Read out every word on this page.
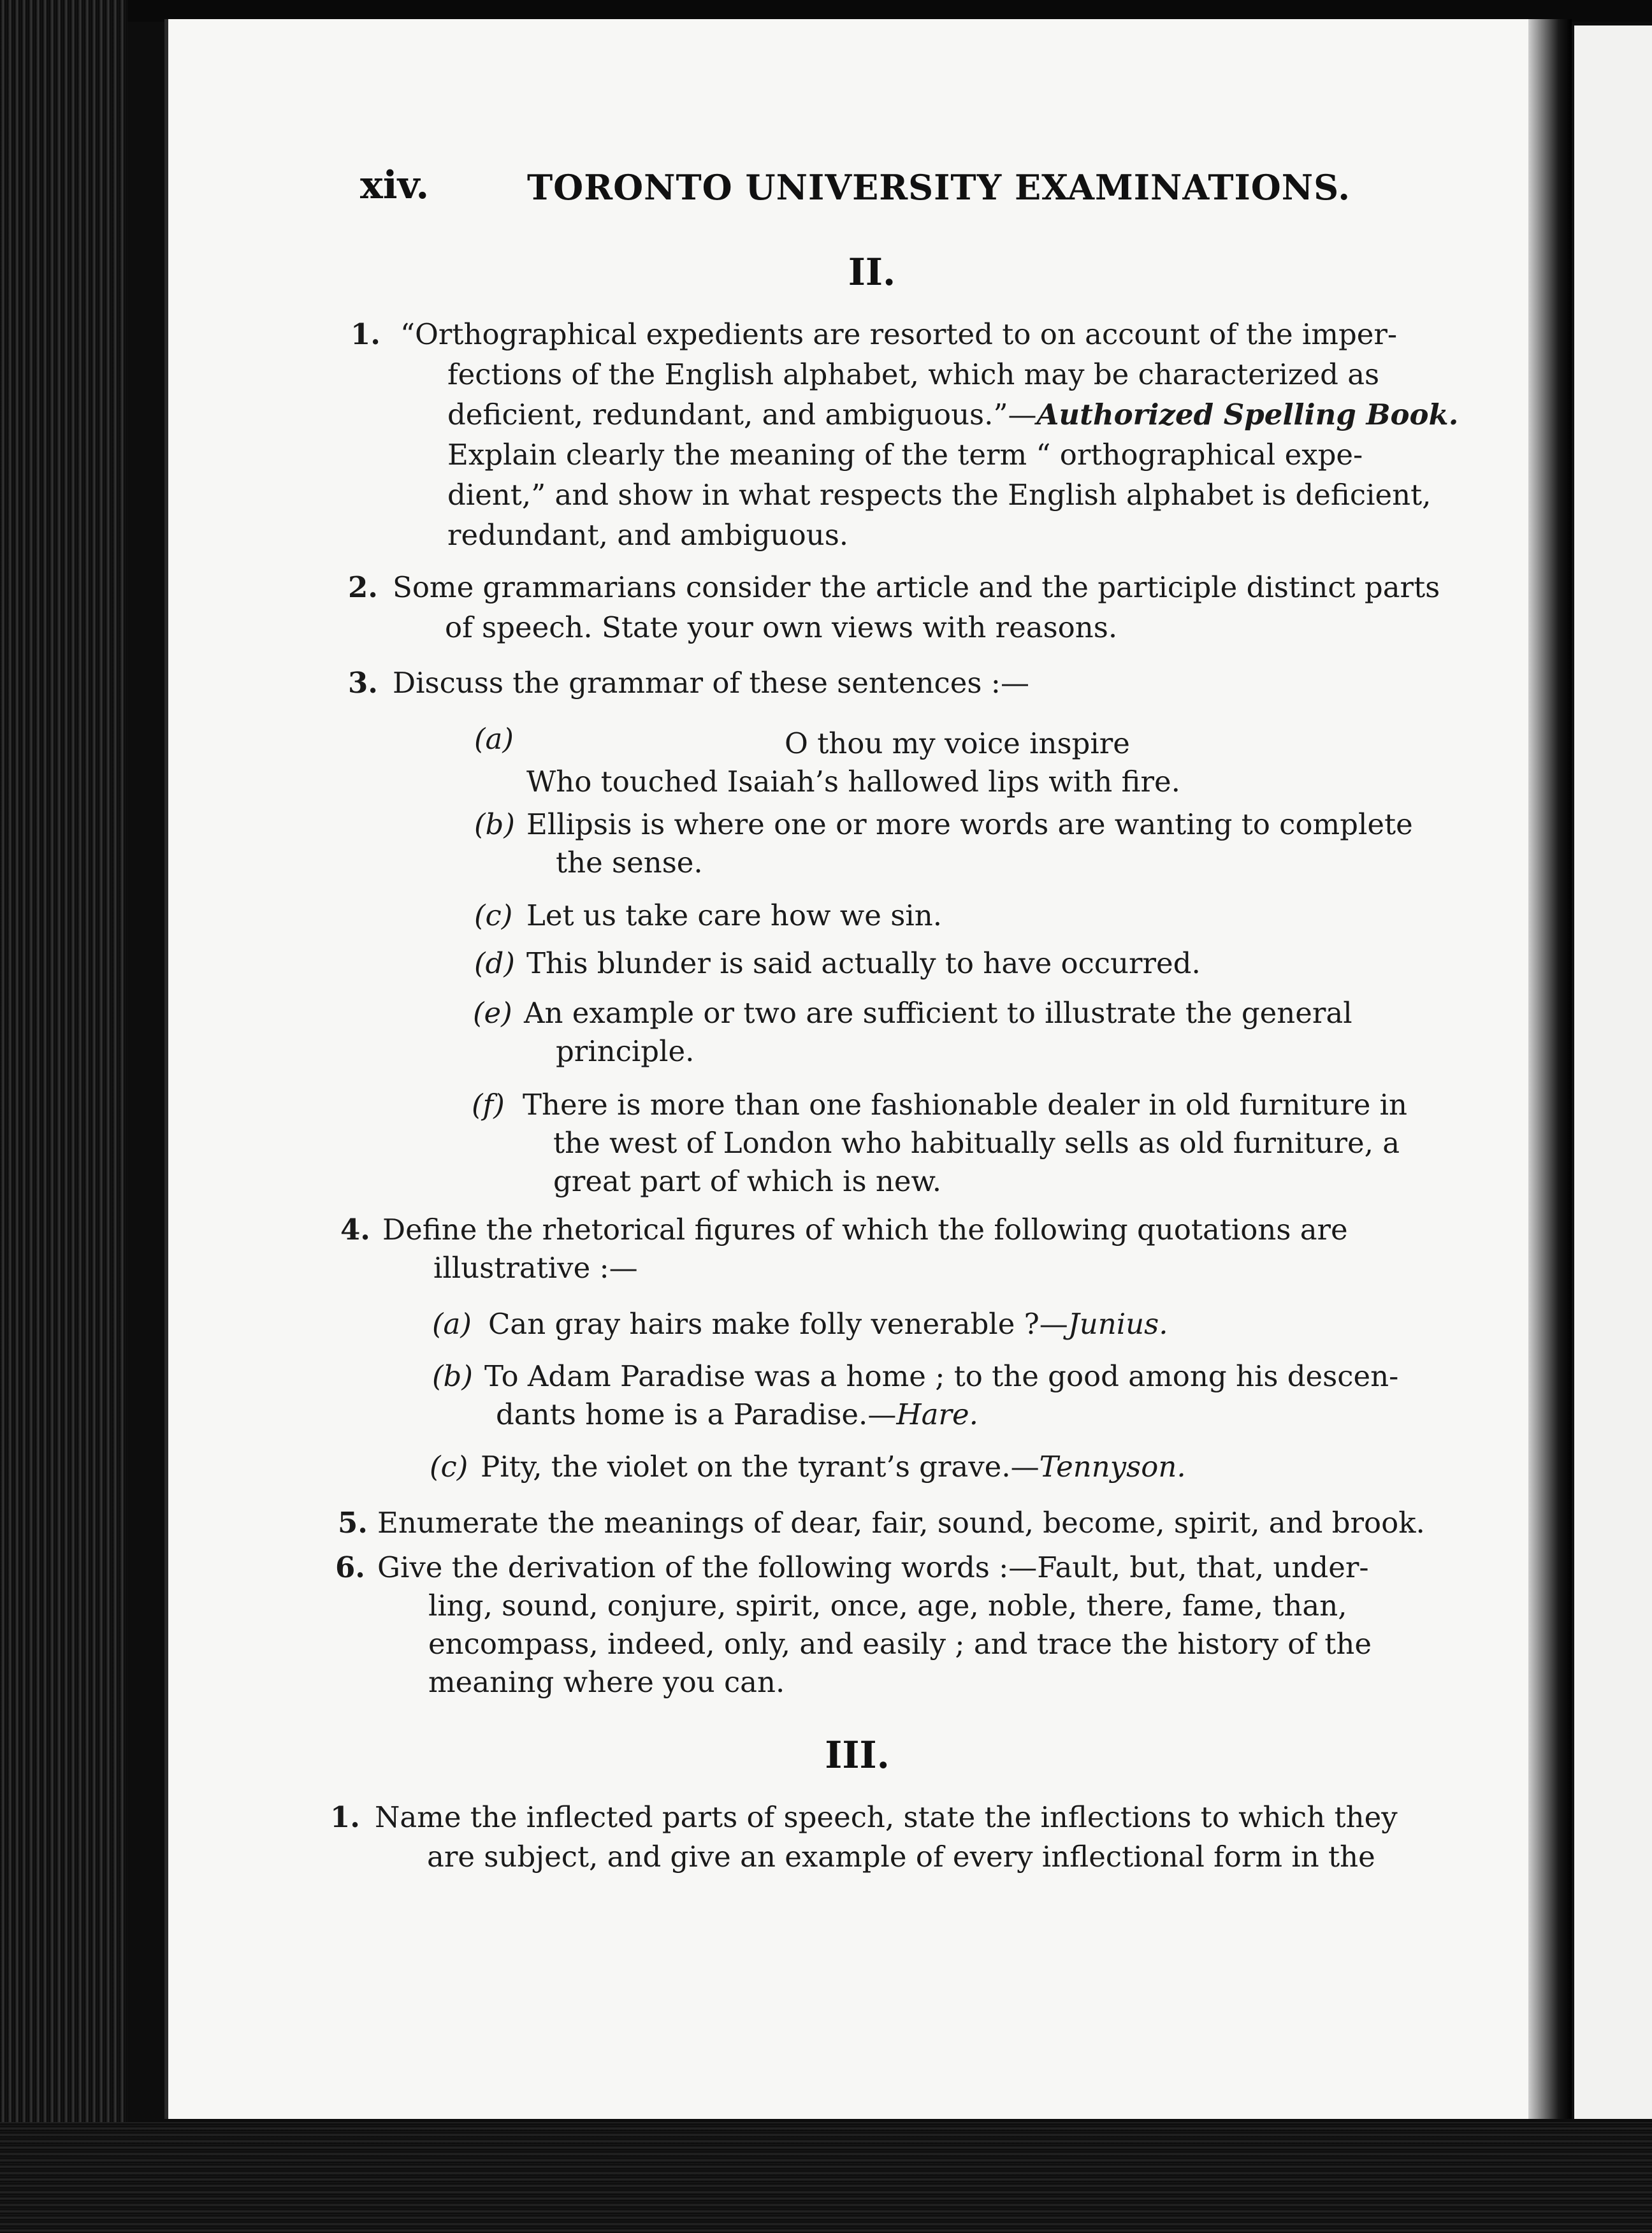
xiv.	TORONTO UNIVERSITY EXAMINATIONS.
II.
1. “Orthographical expedients are resorted to on account of the imper-
fections of the English alphabet, which may be characterized as
deficient, redundant, and ambiguous.”—Authorized Spelling Book.
Explain clearly the meaning of the term “ orthographical expe-
dient,” and show in what respects the English alphabet is deficient,
redundant, and ambiguous.
2. Some grammarians consider the article and the participle distinct parts
of speech. State your own views with reasons.
3. Discuss the grammar of these sentences :—
(a)	O thou my voice inspire
Who touched Isaiah’s hallowed lips with fire.
(b) Ellipsis is where one or more words are wanting to complete
the sense.
(c) Let us take care how we sin.
(d) This blunder is said actually to have occurred.
(e) An example or two are sufficient to illustrate the general
principle.
(f) There is more than one fashionable dealer in old furniture in
the west of London who habitually sells as old furniture, a
great part of which is new.
4. Define the rhetorical figures of which the following quotations are
illustrative :—
(a) Can gray hairs make folly venerable ?—Junius.
(b) To Adam Paradise was a home ; to the good among his descen-
dants home is a Paradise.—Hare.
(c) Pity, the violet on the tyrant’s grave.—Tennyson.
5. Enumerate the meanings of dear, fair, sound, become, spirit, and brook.
6. Give the derivation of the following words :—Fault, but, that, under-
ling, sound, conjure, spirit, once, age, noble, there, fame, than,
encompass, indeed, only, and easily ; and trace the history of the
meaning where you can.
III.
1. Name the inflected parts of speech, state the inflections to which they
are subject, and give an example of every inflectional form in the
